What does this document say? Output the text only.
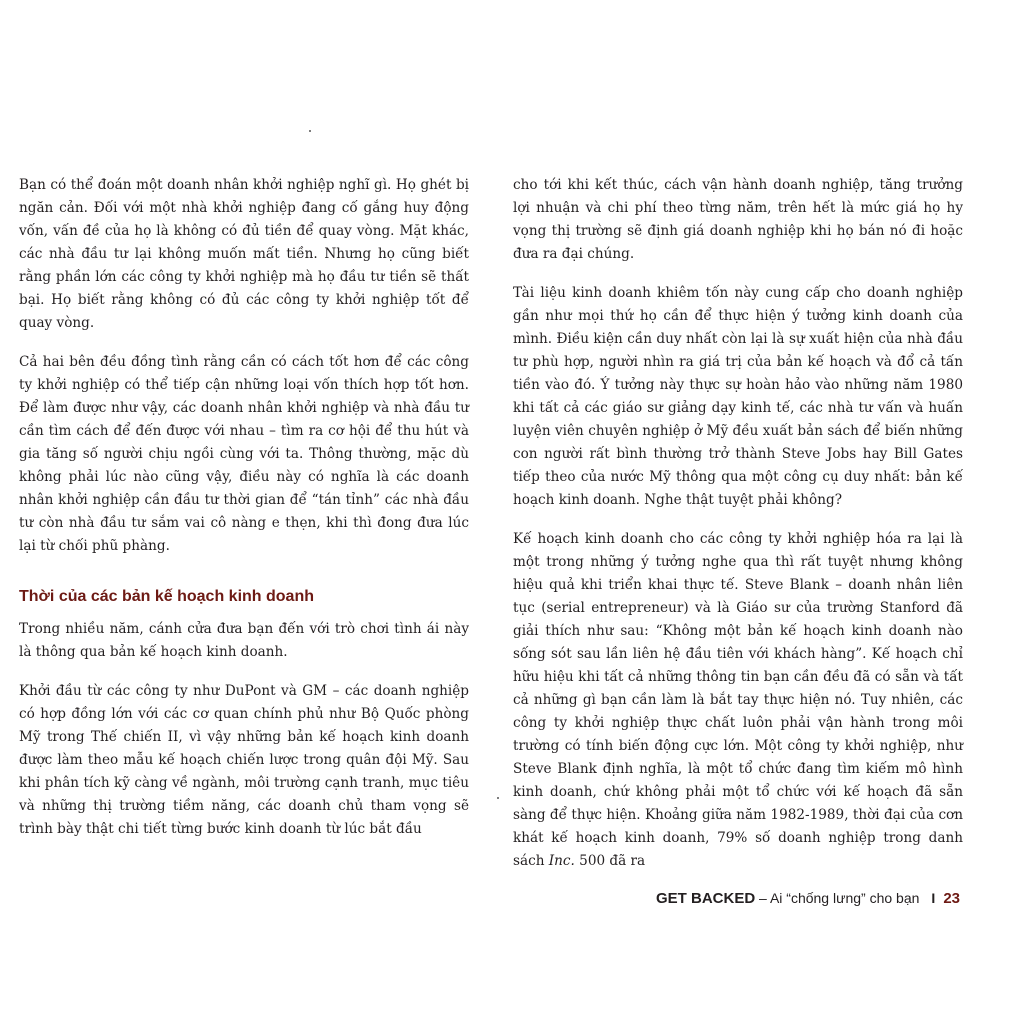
Bạn có thể đoán một doanh nhân khởi nghiệp nghĩ gì. Họ ghét bị ngăn cản. Đối với một nhà khởi nghiệp đang cố gắng huy động vốn, vấn đề của họ là không có đủ tiền để quay vòng. Mặt khác, các nhà đầu tư lại không muốn mất tiền. Nhưng họ cũng biết rằng phần lớn các công ty khởi nghiệp mà họ đầu tư tiền sẽ thất bại. Họ biết rằng không có đủ các công ty khởi nghiệp tốt để quay vòng.

Cả hai bên đều đồng tình rằng cần có cách tốt hơn để các công ty khởi nghiệp có thể tiếp cận những loại vốn thích hợp tốt hơn. Để làm được như vậy, các doanh nhân khởi nghiệp và nhà đầu tư cần tìm cách để đến được với nhau – tìm ra cơ hội để thu hút và gia tăng số người chịu ngồi cùng với ta. Thông thường, mặc dù không phải lúc nào cũng vậy, điều này có nghĩa là các doanh nhân khởi nghiệp cần đầu tư thời gian để “tán tỉnh” các nhà đầu tư còn nhà đầu tư sắm vai cô nàng e thẹn, khi thì đong đưa lúc lại từ chối phũ phàng.

Thời của các bản kế hoạch kinh doanh

Trong nhiều năm, cánh cửa đưa bạn đến với trò chơi tình ái này là thông qua bản kế hoạch kinh doanh.

Khởi đầu từ các công ty như DuPont và GM – các doanh nghiệp có hợp đồng lớn với các cơ quan chính phủ như Bộ Quốc phòng Mỹ trong Thế chiến II, vì vậy những bản kế hoạch kinh doanh được làm theo mẫu kế hoạch chiến lược trong quân đội Mỹ. Sau khi phân tích kỹ càng về ngành, môi trường cạnh tranh, mục tiêu và những thị trường tiềm năng, các doanh chủ tham vọng sẽ trình bày thật chi tiết từng bước kinh doanh từ lúc bắt đầu

cho tới khi kết thúc, cách vận hành doanh nghiệp, tăng trưởng lợi nhuận và chi phí theo từng năm, trên hết là mức giá họ hy vọng thị trường sẽ định giá doanh nghiệp khi họ bán nó đi hoặc đưa ra đại chúng.

Tài liệu kinh doanh khiêm tốn này cung cấp cho doanh nghiệp gần như mọi thứ họ cần để thực hiện ý tưởng kinh doanh của mình. Điều kiện cần duy nhất còn lại là sự xuất hiện của nhà đầu tư phù hợp, người nhìn ra giá trị của bản kế hoạch và đổ cả tấn tiền vào đó. Ý tưởng này thực sự hoàn hảo vào những năm 1980 khi tất cả các giáo sư giảng dạy kinh tế, các nhà tư vấn và huấn luyện viên chuyên nghiệp ở Mỹ đều xuất bản sách để biến những con người rất bình thường trở thành Steve Jobs hay Bill Gates tiếp theo của nước Mỹ thông qua một công cụ duy nhất: bản kế hoạch kinh doanh. Nghe thật tuyệt phải không?

Kế hoạch kinh doanh cho các công ty khởi nghiệp hóa ra lại là một trong những ý tưởng nghe qua thì rất tuyệt nhưng không hiệu quả khi triển khai thực tế. Steve Blank – doanh nhân liên tục (serial entrepreneur) và là Giáo sư của trường Stanford đã giải thích như sau: “Không một bản kế hoạch kinh doanh nào sống sót sau lần liên hệ đầu tiên với khách hàng”. Kế hoạch chỉ hữu hiệu khi tất cả những thông tin bạn cần đều đã có sẵn và tất cả những gì bạn cần làm là bắt tay thực hiện nó. Tuy nhiên, các công ty khởi nghiệp thực chất luôn phải vận hành trong môi trường có tính biến động cực lớn. Một công ty khởi nghiệp, như Steve Blank định nghĩa, là một tổ chức đang tìm kiếm mô hình kinh doanh, chứ không phải một tổ chức với kế hoạch đã sẵn sàng để thực hiện. Khoảng giữa năm 1982-1989, thời đại của cơn khát kế hoạch kinh doanh, 79% số doanh nghiệp trong danh sách Inc. 500 đã ra

GET BACKED – Ai “chống lưng” cho bạn I 23
